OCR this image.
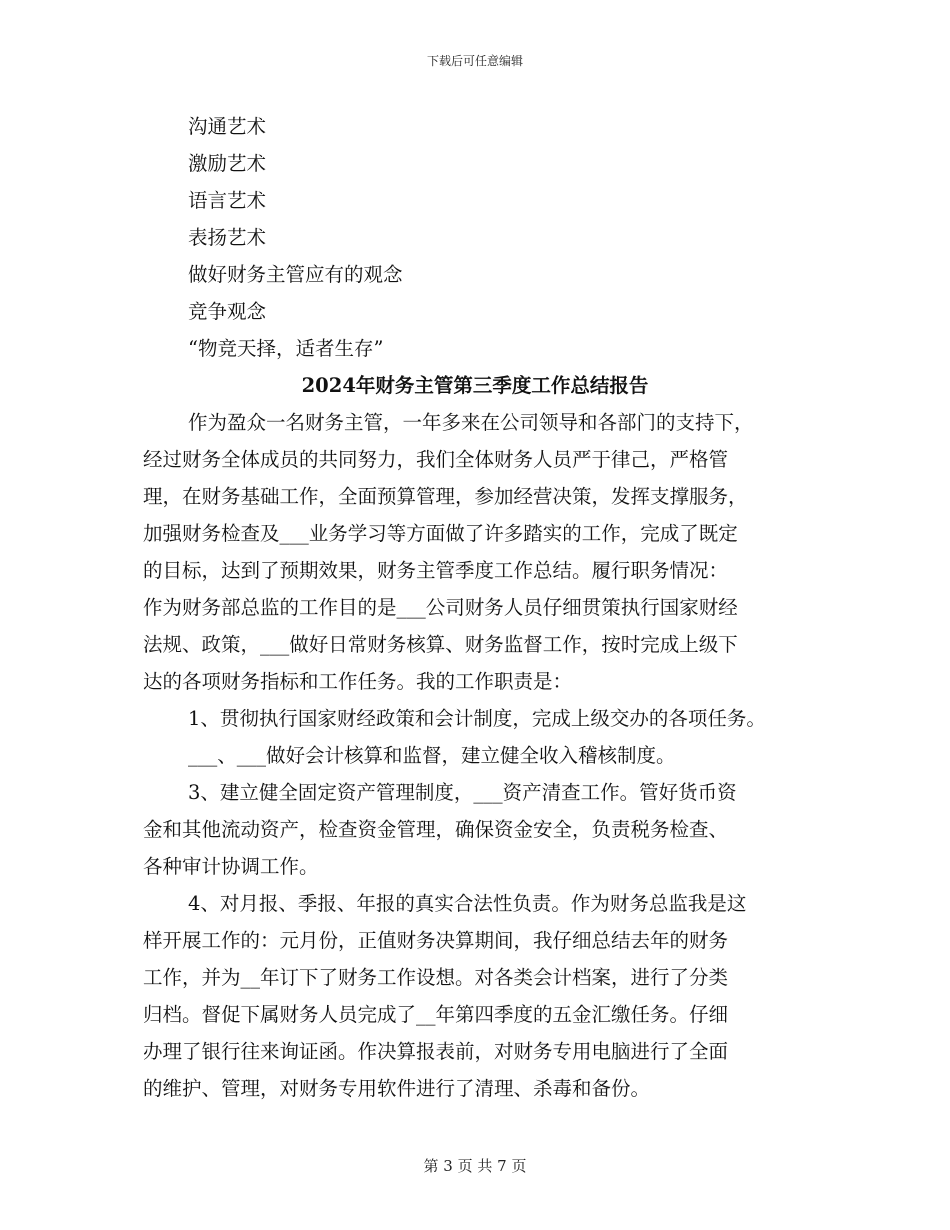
下载后可任意编辑
沟通艺术
激励艺术
语言艺术
表扬艺术
做好财务主管应有的观念
竞争观念
“物竞天择，适者生存”
2024年财务主管第三季度工作总结报告
作为盈众一名财务主管，一年多来在公司领导和各部门的支持下，
经过财务全体成员的共同努力，我们全体财务人员严于律己，严格管
理，在财务基础工作，全面预算管理，参加经营决策，发挥支撑服务，
加强财务检查及___业务学习等方面做了许多踏实的工作，完成了既定
的目标，达到了预期效果，财务主管季度工作总结。履行职务情况：
作为财务部总监的工作目的是___公司财务人员仔细贯策执行国家财经
法规、政策，___做好日常财务核算、财务监督工作，按时完成上级下
达的各项财务指标和工作任务。我的工作职责是：
1、贯彻执行国家财经政策和会计制度，完成上级交办的各项任务。
___、___做好会计核算和监督，建立健全收入稽核制度。
3、建立健全固定资产管理制度，___资产清查工作。管好货币资
金和其他流动资产，检查资金管理，确保资金安全，负责税务检查、
各种审计协调工作。
4、对月报、季报、年报的真实合法性负责。作为财务总监我是这
样开展工作的：元月份，正值财务决算期间，我仔细总结去年的财务
工作，并为__年订下了财务工作设想。对各类会计档案，进行了分类
归档。督促下属财务人员完成了__年第四季度的五金汇缴任务。仔细
办理了银行往来询证函。作决算报表前，对财务专用电脑进行了全面
的维护、管理，对财务专用软件进行了清理、杀毒和备份。
第 3 页 共 7 页
